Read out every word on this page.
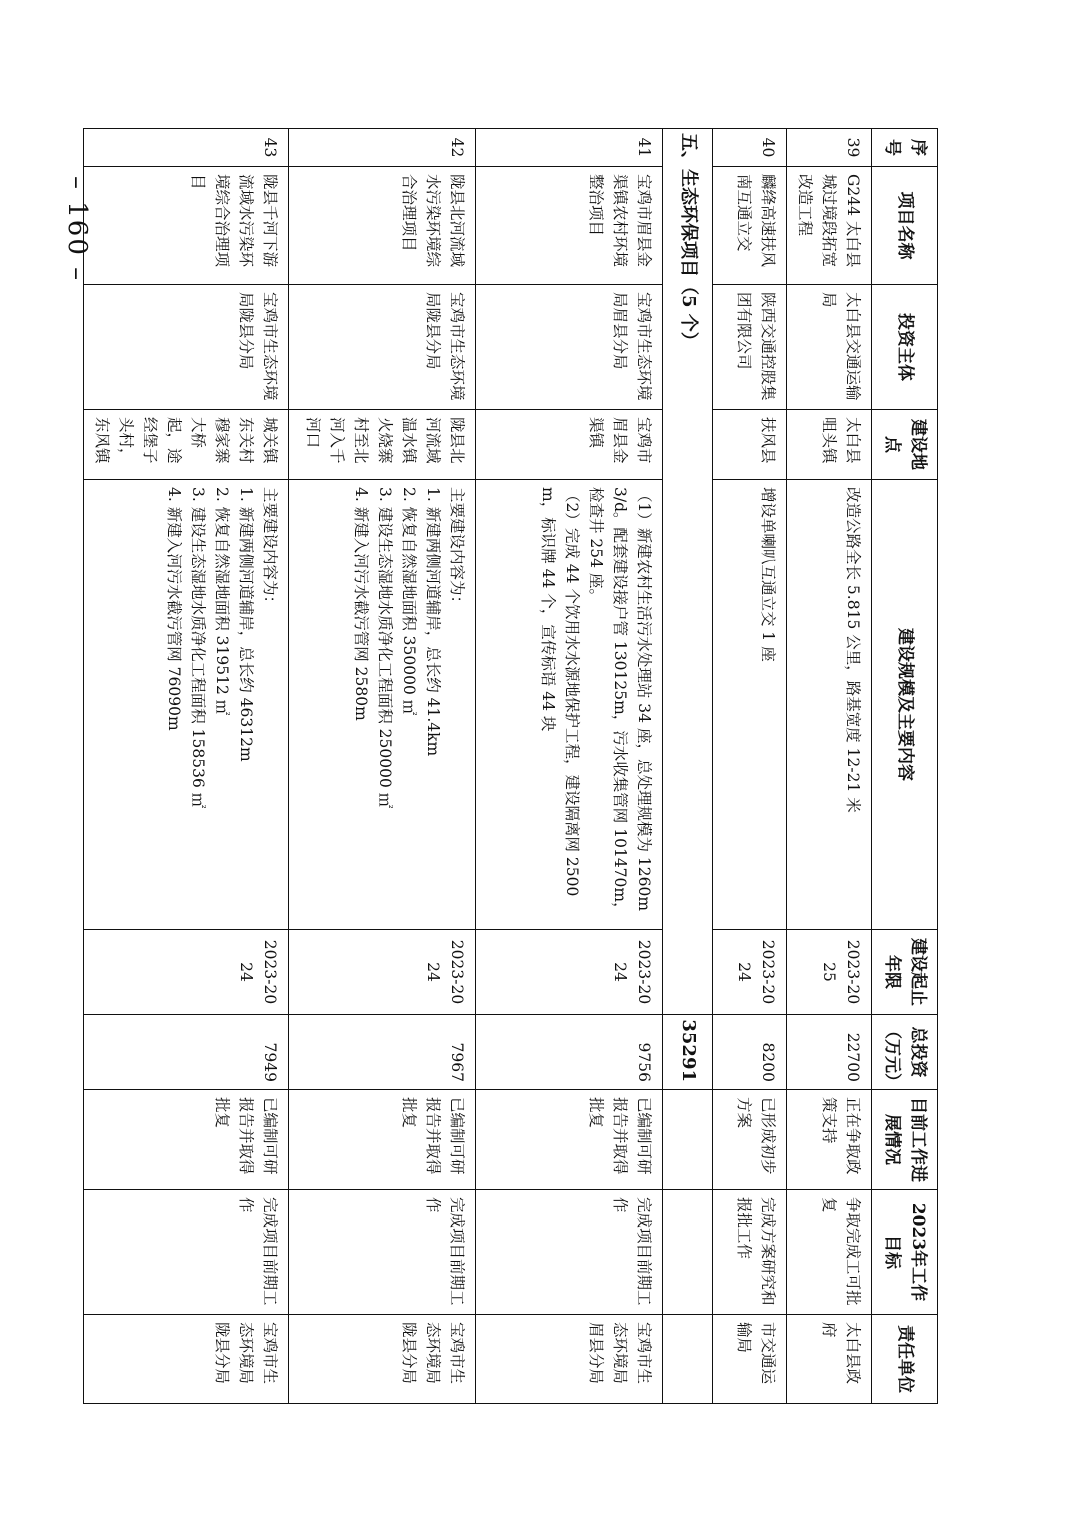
序号	项目名称	投资主体	建设地点	建设规模及主要内容	建设起止年限	总投资（万元）	目前工作进展情况	2023年工作目标	责任单位
39	G244 太白县城过境段拓宽改造工程	太白县交通运输局	太白县咀头镇	改造公路全长 5.815 公里，路基宽度 12-21 米	2023-2025	22700	正在争取政策支持	争取完成工可批复	太白县政府
40	麟绛高速扶风南互通立交	陕西交通控股集团有限公司	扶风县	增设单喇叭互通立交 1 座	2023-2024	8200	已形成初步方案	完成方案研究和报批工作	市交通运输局
五、生态环保项目（5 个）						35291			
41	宝鸡市眉县金渠镇农村环境整治项目	宝鸡市生态环境局眉县分局	宝鸡市眉县金渠镇	（1）新建农村生活污水处理站 34 座，总处理规模为 1260m3/d。配套建设接户管 130125m，污水收集管网 101470m，检查井 254 座。
（2）完成 44 个饮用水水源地保护工程，建设隔离网 2500m，标识牌 44 个，宣传标语 44 块	2023-2024	9756	已编制可研报告并取得批复	完成项目前期工作	宝鸡市生态环境局眉县分局
42	陇县北河流域水污染环境综合治理项目	宝鸡市生态环境局陇县分局	陇县北河流域温水镇火烧寨村至北河入千河口	主要建设内容为：
1. 新建两侧河道辅岸，总长约 41.4km
2. 恢复自然湿地面积 350000 ㎡
3. 建设生态湿地水质净化工程面积 250000 ㎡
4. 新建入河污水截污管网 2580m	2023-2024	7967	已编制可研报告并取得批复	完成项目前期工作	宝鸡市生态环境局陇县分局
43	陇县千河下游流域水污染环境综合治理项目	宝鸡市生态环境局陇县分局	城关镇东关村穆家寨大桥起，途经堡子头村，东风镇	主要建设内容为：
1. 新建两侧河道辅岸，总长约 46312m
2. 恢复自然湿地面积 319512 ㎡
3. 建设生态湿地水质净化工程面积 158536 ㎡
4. 新建入河污水截污管网 76090m	2023-2024	7949	已编制可研报告并取得批复	完成项目前期工作	宝鸡市生态环境局陇县分局
– 160 –
